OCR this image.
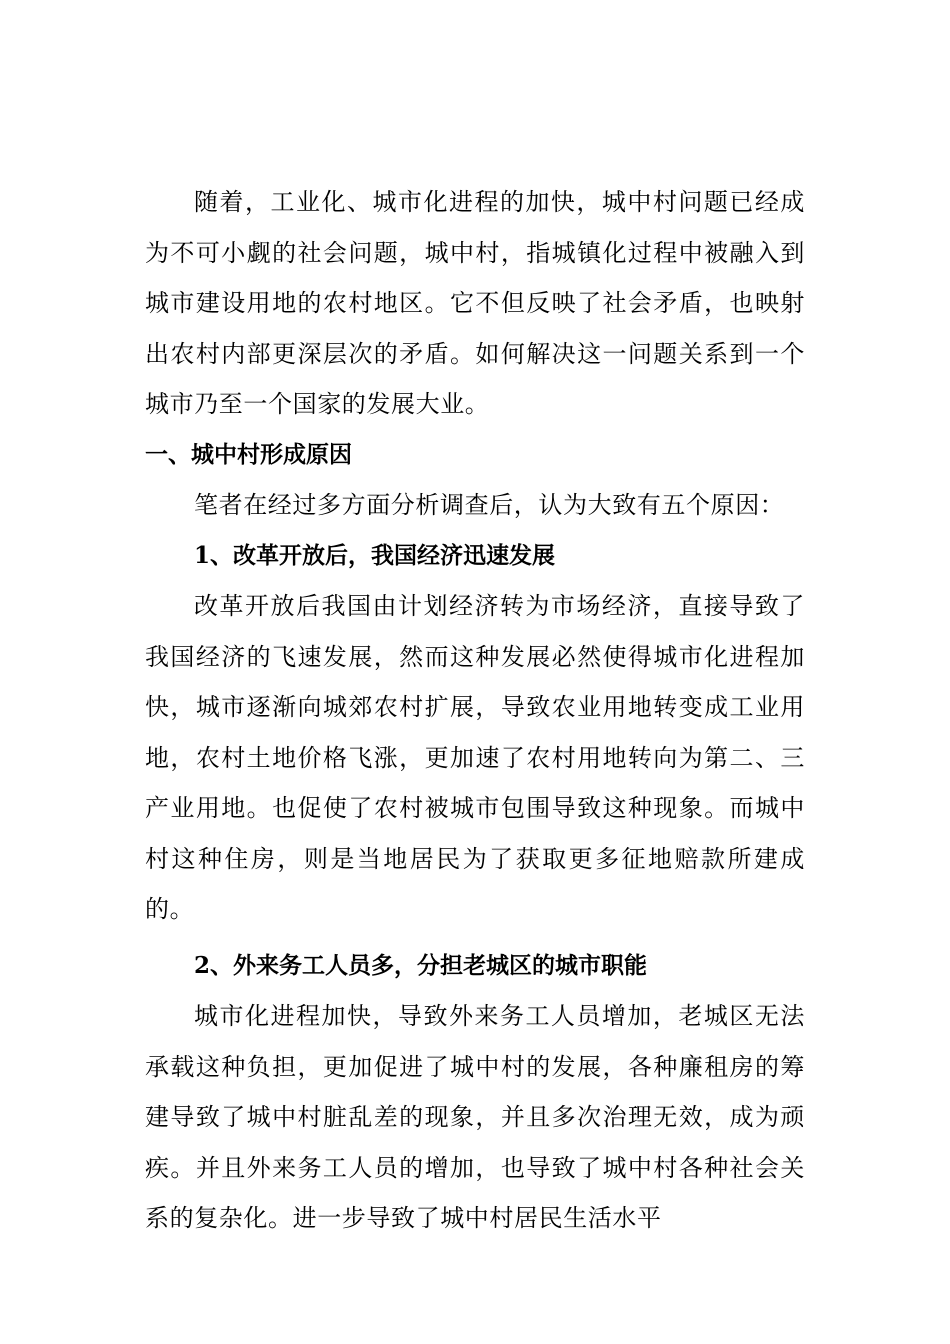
随着，工业化、城市化进程的加快，城中村问题已经成为不可小觑的社会问题，城中村，指城镇化过程中被融入到城市建设用地的农村地区。它不但反映了社会矛盾，也映射出农村内部更深层次的矛盾。如何解决这一问题关系到一个城市乃至一个国家的发展大业。

一、城中村形成原因

笔者在经过多方面分析调查后，认为大致有五个原因：

1、改革开放后，我国经济迅速发展

改革开放后我国由计划经济转为市场经济，直接导致了我国经济的飞速发展，然而这种发展必然使得城市化进程加快，城市逐渐向城郊农村扩展，导致农业用地转变成工业用地，农村土地价格飞涨，更加速了农村用地转向为第二、三产业用地。也促使了农村被城市包围导致这种现象。而城中村这种住房，则是当地居民为了获取更多征地赔款所建成的。

2、外来务工人员多，分担老城区的城市职能

城市化进程加快，导致外来务工人员增加，老城区无法承载这种负担，更加促进了城中村的发展，各种廉租房的筹建导致了城中村脏乱差的现象，并且多次治理无效，成为顽疾。并且外来务工人员的增加，也导致了城中村各种社会关系的复杂化。进一步导致了城中村居民生活水平
